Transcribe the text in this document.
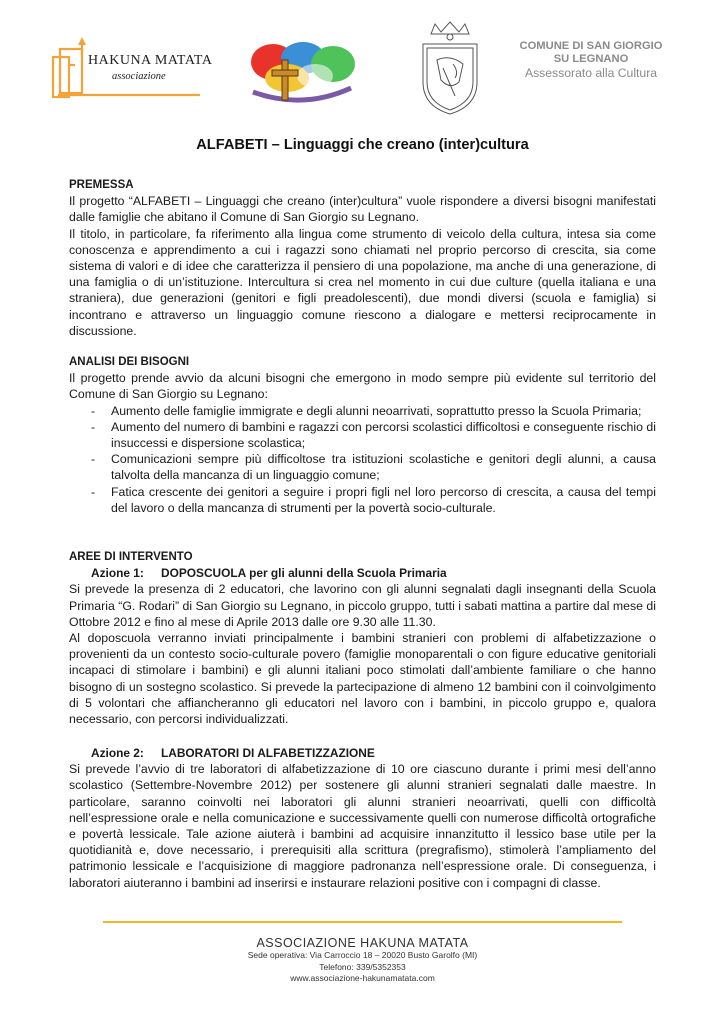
HAKUNA MATATA
associazione
COMUNE DI SAN GIORGIO
SU LEGNANO
Assessorato alla Cultura
ALFABETI – Linguaggi che creano (inter)cultura
PREMESSA

Il progetto “ALFABETI – Linguaggi che creano (inter)cultura” vuole rispondere a diversi bisogni manifestati dalle famiglie che abitano il Comune di San Giorgio su Legnano.

Il titolo, in particolare, fa riferimento alla lingua come strumento di veicolo della cultura, intesa sia come conoscenza e apprendimento a cui i ragazzi sono chiamati nel proprio percorso di crescita, sia come sistema di valori e di idee che caratterizza il pensiero di una popolazione, ma anche di una generazione, di una famiglia o di un’istituzione. Intercultura si crea nel momento in cui due culture (quella italiana e una straniera), due generazioni (genitori e figli preadolescenti), due mondi diversi (scuola e famiglia) si incontrano e attraverso un linguaggio comune riescono a dialogare e mettersi reciprocamente in discussione.

ANALISI DEI BISOGNI

Il progetto prende avvio da alcuni bisogni che emergono in modo sempre più evidente sul territorio del Comune di San Giorgio su Legnano:

- Aumento delle famiglie immigrate e degli alunni neoarrivati, soprattutto presso la Scuola Primaria;
- Aumento del numero di bambini e ragazzi con percorsi scolastici difficoltosi e conseguente rischio di insuccessi e dispersione scolastica;
- Comunicazioni sempre più difficoltose tra istituzioni scolastiche e genitori degli alunni, a causa talvolta della mancanza di un linguaggio comune;
- Fatica crescente dei genitori a seguire i propri figli nel loro percorso di crescita, a causa del tempi del lavoro o della mancanza di strumenti per la povertà socio-culturale.
AREE DI INTERVENTO
Azione 1: DOPOSCUOLA per gli alunni della Scuola Primaria

Si prevede la presenza di 2 educatori, che lavorino con gli alunni segnalati dagli insegnanti della Scuola Primaria “G. Rodari” di San Giorgio su Legnano, in piccolo gruppo, tutti i sabati mattina a partire dal mese di Ottobre 2012 e fino al mese di Aprile 2013 dalle ore 9.30 alle 11.30.

Al doposcuola verranno inviati principalmente i bambini stranieri con problemi di alfabetizzazione o provenienti da un contesto socio-culturale povero (famiglie monoparentali o con figure educative genitoriali incapaci di stimolare i bambini) e gli alunni italiani poco stimolati dall’ambiente familiare o che hanno bisogno di un sostegno scolastico. Si prevede la partecipazione di almeno 12 bambini con il coinvolgimento di 5 volontari che affiancheranno gli educatori nel lavoro con i bambini, in piccolo gruppo e, qualora necessario, con percorsi individualizzati.

Azione 2: LABORATORI DI ALFABETIZZAZIONE

Si prevede l’avvio di tre laboratori di alfabetizzazione di 10 ore ciascuno durante i primi mesi dell’anno scolastico (Settembre-Novembre 2012) per sostenere gli alunni stranieri segnalati dalle maestre. In particolare, saranno coinvolti nei laboratori gli alunni stranieri neoarrivati, quelli con difficoltà nell’espressione orale e nella comunicazione e successivamente quelli con numerose difficoltà ortografiche e povertà lessicale. Tale azione aiuterà i bambini ad acquisire innanzitutto il lessico base utile per la quotidianità e, dove necessario, i prerequisiti alla scrittura (pregrafismo), stimolerà l’ampliamento del patrimonio lessicale e l’acquisizione di maggiore padronanza nell’espressione orale. Di conseguenza, i laboratori aiuteranno i bambini ad inserirsi e instaurare relazioni positive con i compagni di classe.

ASSOCIAZIONE HAKUNA MATATA
Sede operativa: Via Carroccio 18 – 20020 Busto Garolfo (MI)
Telefono: 339/5352353
www.associazione-hakunamatata.com
